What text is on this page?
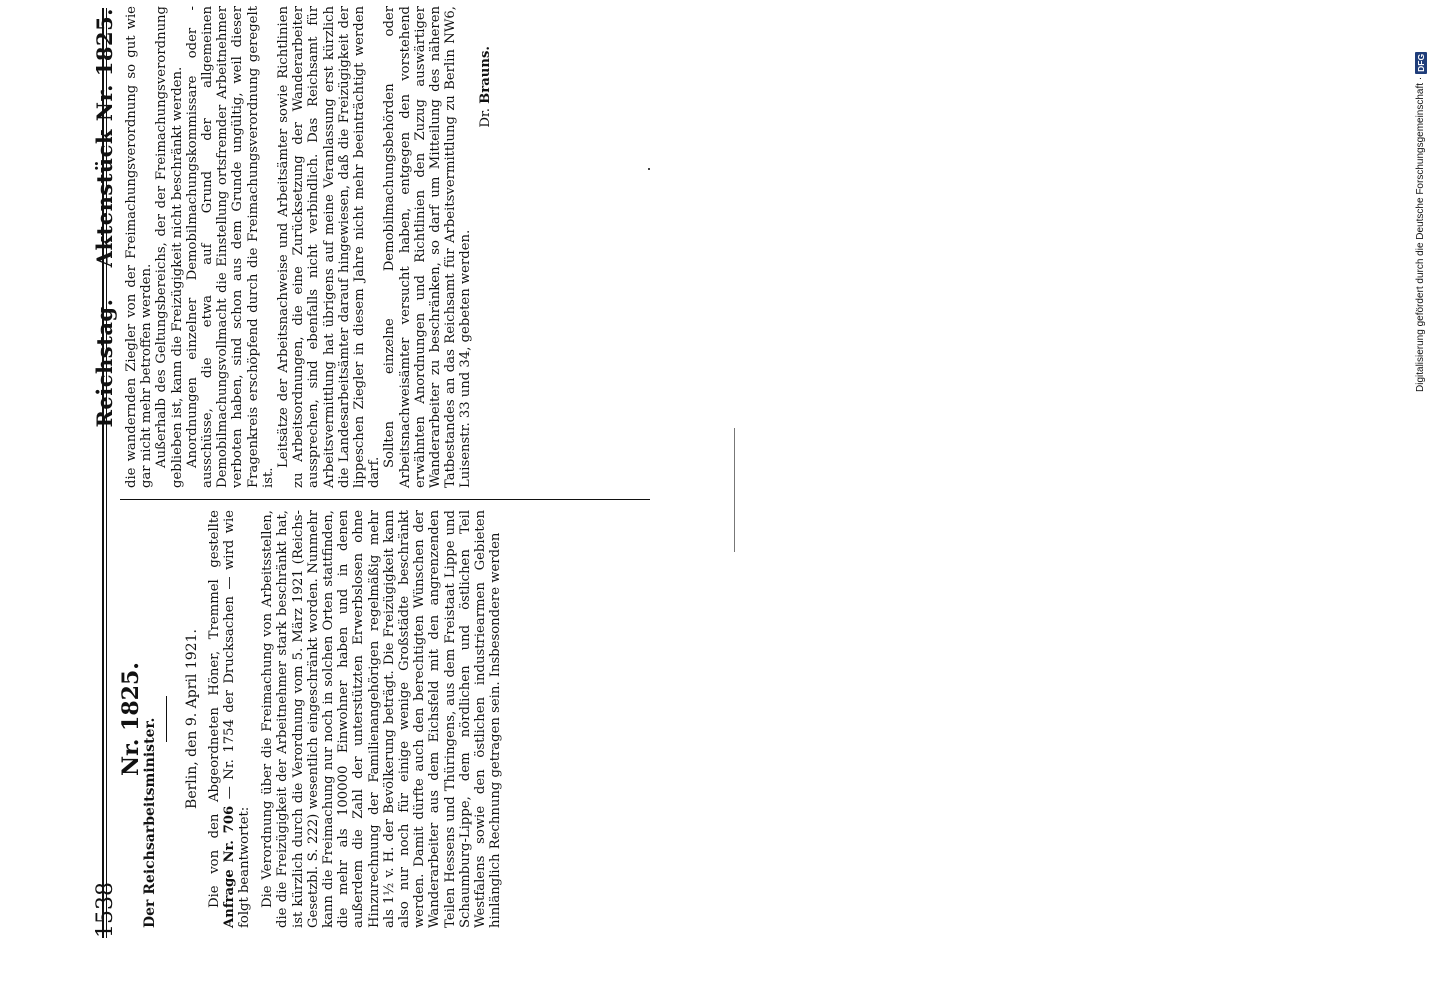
1538
Reichstag.    Aktenstück Nr. 1825.
Nr. 1825.
Der Reichsarbeitsminister. Berlin, den 9. April 1921. Die von den Abgeordneten Höner, Tremmel gestellte Anfrage Nr. 706 — Nr. 1754 der Drucksachen — wird wie folgt beantwortet: Die Verordnung über die Freimachung von Arbeitsstellen, die die Freizügigkeit der Arbeitnehmer stark beschränkt hat, ist kürzlich durch die Verordnung vom 5. März 1921 (Reichs-Gesetzbl. S. 222) wesentlich eingeschränkt worden. Nunmehr kann die Freimachung nur noch in solchen Orten stattfinden, die mehr als 100000 Einwohner haben und in denen außerdem die Zahl der unterstützten Erwerbslosen ohne Hinzurechnung der Familienangehörigen regelmäßig mehr als 1½ v. H. der Bevölkerung beträgt. Die Freizügigkeit kann also nur noch für einige wenige Großstädte beschränkt werden. Damit dürfte auch den berechtigten Wünschen der Wanderarbeiter aus dem Eichsfeld mit den angrenzenden Teilen Hessens und Thüringens, aus dem Freistaat Lippe und Schaumburg-Lippe, dem nördlichen und östlichen Teil Westfalens sowie den östlichen industriearmen Gebieten hinlänglich Rechnung getragen sein. Insbesondere werden

die wandernden Ziegler von der Freimachungsverordnung so gut wie gar nicht mehr betroffen werden. Außerhalb des Geltungsbereichs, der der Freimachungsverordnung geblieben ist, kann die Freizügigkeit nicht beschränkt werden. Anordnungen einzelner Demobilmachungskommissare oder -ausschüsse, die etwa auf Grund der allgemeinen Demobilmachungsvollmacht die Einstellung ortsfremder Arbeitnehmer verboten haben, sind schon aus dem Grunde ungültig, weil dieser Fragenkreis erschöpfend durch die Freimachungsverordnung geregelt ist.

Leitsätze der Arbeitsnachweise und Arbeitsämter sowie Richtlinien zu Arbeitsordnungen, die eine Zurücksetzung der Wanderarbeiter aussprechen, sind ebenfalls nicht verbindlich. Das Reichsamt für Arbeitsvermittlung hat übrigens auf meine Veranlassung erst kürzlich die Landesarbeitsämter darauf hingewiesen, daß die Freizügigkeit der lippeschen Ziegler in diesem Jahre nicht mehr beeinträchtigt werden darf.

Sollten einzelne Demobilmachungsbehörden oder Arbeitsnachweisämter versucht haben, entgegen den vorstehend erwähnten Anordnungen und Richtlinien den Zuzug auswärtiger Wanderarbeiter zu beschränken, so darf um Mitteilung des näheren Tatbestandes an das Reichsamt für Arbeitsvermittlung zu Berlin NW6, Luisenstr. 33 und 34, gebeten werden.

Dr. Brauns.
Digitalisierung gefördert durch die Deutsche Forschungsgemeinschaft ·
DFG
